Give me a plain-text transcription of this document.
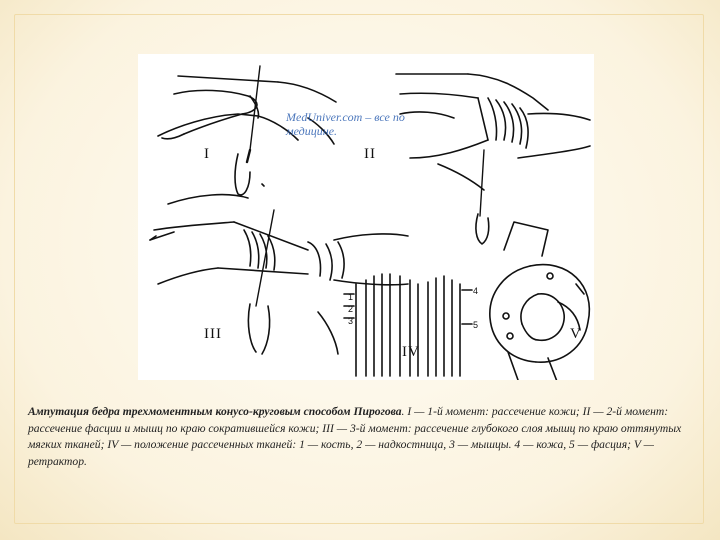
MedUniver.com – все по
медицине.
I	II
III
IV
V
1
2
3
4
5

Ампутация бедра трехмоментным конусо-круговым способом Пирогова. I — 1-й момент: рассечение кожи; II — 2-й момент: рассечение фасции и мышц по краю сократившейся кожи; III — 3-й момент: рассечение глубокого слоя мышц по краю оттянутых мягких тканей; IV — положение рассеченных тканей: 1 — кость, 2 — надкостница, 3 — мышцы. 4 — кожа, 5 — фасция; V — ретрактор.
